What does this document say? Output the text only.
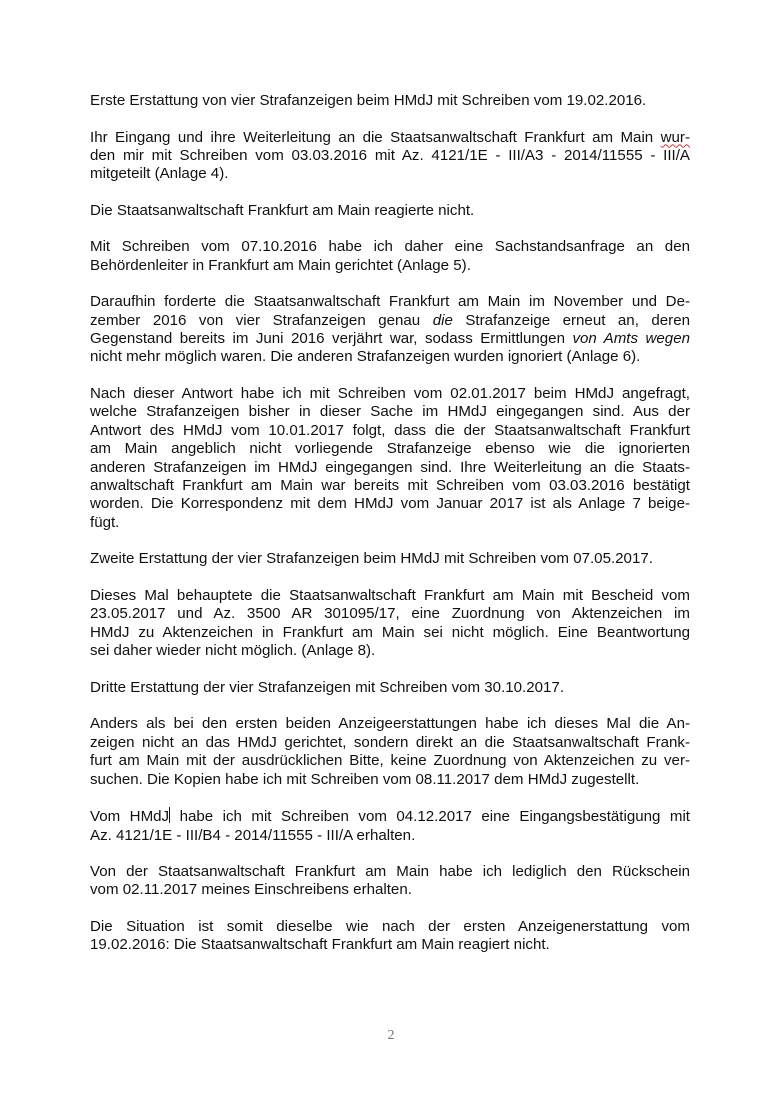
Erste Erstattung von vier Strafanzeigen beim HMdJ mit Schreiben vom 19.02.2016.

Ihr Eingang und ihre Weiterleitung an die Staatsanwaltschaft Frankfurt am Main wur-
den mir mit Schreiben vom 03.03.2016 mit Az. 4121/1E - III/A3 - 2014/11555 - III/A
mitgeteilt (Anlage 4).

Die Staatsanwaltschaft Frankfurt am Main reagierte nicht.

Mit Schreiben vom 07.10.2016 habe ich daher eine Sachstandsanfrage an den
Behördenleiter in Frankfurt am Main gerichtet (Anlage 5).

Daraufhin forderte die Staatsanwaltschaft Frankfurt am Main im November und De-
zember 2016 von vier Strafanzeigen genau die Strafanzeige erneut an, deren
Gegenstand bereits im Juni 2016 verjährt war, sodass Ermittlungen von Amts wegen
nicht mehr möglich waren. Die anderen Strafanzeigen wurden ignoriert (Anlage 6).

Nach dieser Antwort habe ich mit Schreiben vom 02.01.2017 beim HMdJ angefragt,
welche Strafanzeigen bisher in dieser Sache im HMdJ eingegangen sind. Aus der
Antwort des HMdJ vom 10.01.2017 folgt, dass die der Staatsanwaltschaft Frankfurt
am Main angeblich nicht vorliegende Strafanzeige ebenso wie die ignorierten
anderen Strafanzeigen im HMdJ eingegangen sind. Ihre Weiterleitung an die Staats-
anwaltschaft Frankfurt am Main war bereits mit Schreiben vom 03.03.2016 bestätigt
worden. Die Korrespondenz mit dem HMdJ vom Januar 2017 ist als Anlage 7 beige-
fügt.

Zweite Erstattung der vier Strafanzeigen beim HMdJ mit Schreiben vom 07.05.2017.

Dieses Mal behauptete die Staatsanwaltschaft Frankfurt am Main mit Bescheid vom
23.05.2017 und Az. 3500 AR 301095/17, eine Zuordnung von Aktenzeichen im
HMdJ zu Aktenzeichen in Frankfurt am Main sei nicht möglich. Eine Beantwortung
sei daher wieder nicht möglich. (Anlage 8).

Dritte Erstattung der vier Strafanzeigen mit Schreiben vom 30.10.2017.

Anders als bei den ersten beiden Anzeigeerstattungen habe ich dieses Mal die An-
zeigen nicht an das HMdJ gerichtet, sondern direkt an die Staatsanwaltschaft Frank-
furt am Main mit der ausdrücklichen Bitte, keine Zuordnung von Aktenzeichen zu ver-
suchen. Die Kopien habe ich mit Schreiben vom 08.11.2017 dem HMdJ zugestellt.

Vom HMdJ habe ich mit Schreiben vom 04.12.2017 eine Eingangsbestätigung mit
Az. 4121/1E - III/B4 - 2014/11555 - III/A erhalten.

Von der Staatsanwaltschaft Frankfurt am Main habe ich lediglich den Rückschein
vom 02.11.2017 meines Einschreibens erhalten.

Die Situation ist somit dieselbe wie nach der ersten Anzeigenerstattung vom
19.02.2016: Die Staatsanwaltschaft Frankfurt am Main reagiert nicht.

2
